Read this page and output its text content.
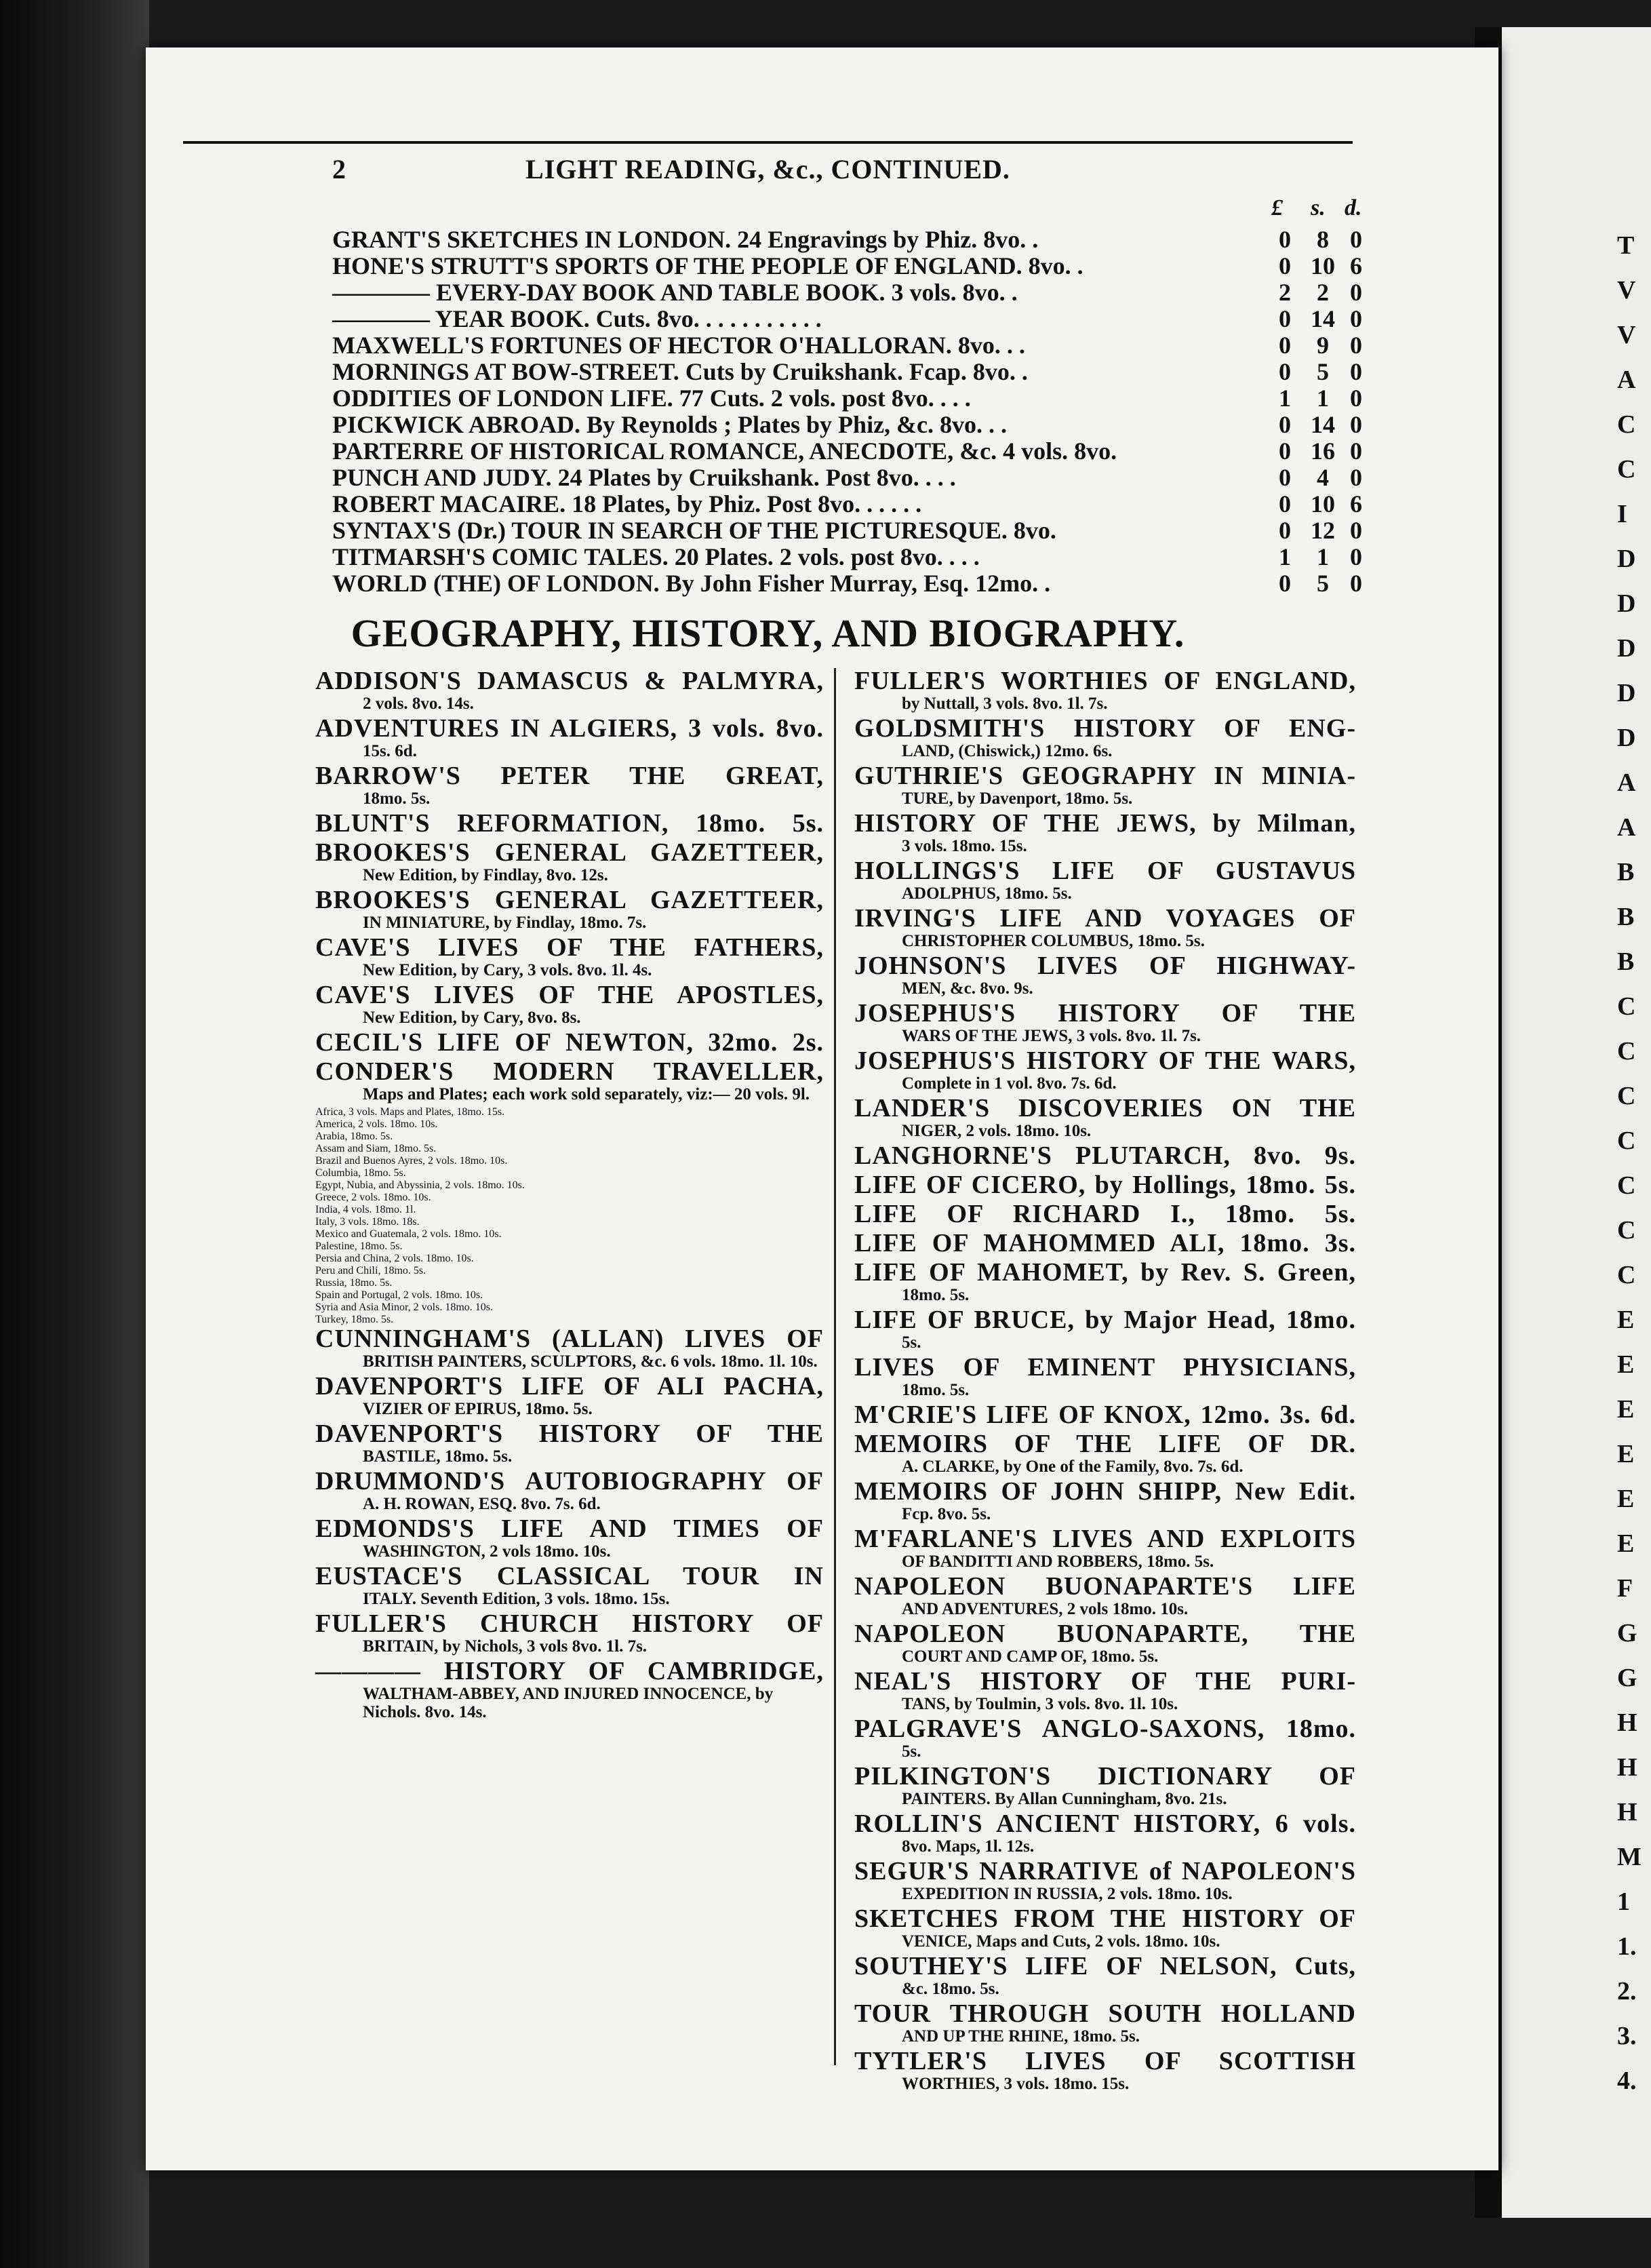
T
V
V
A
C
C
I
D
D
D
D
D
A
A
B
B
B
C
C
C
C
C
C
C
E
E
E
E
E
E
F
G
G
H
H
H
M
1
1.
2.
3.
4.
2	LIGHT READING, &c., CONTINUED.
£ s. d.
GRANT'S SKETCHES IN LONDON. 24 Engravings by Phiz. 8vo. .	0	8 0
HONE'S STRUTT'S SPORTS OF THE PEOPLE OF ENGLAND. 8vo. .	0 10 6
———— EVERY-DAY BOOK AND TABLE BOOK. 3 vols. 8vo. .	2	2 0
———— YEAR BOOK. Cuts. 8vo. . . . . . . . . . .	0 14 0
MAXWELL'S FORTUNES OF HECTOR O'HALLORAN. 8vo. . .	0	9 0
MORNINGS AT BOW-STREET. Cuts by Cruikshank. Fcap. 8vo. .	0	5 0
ODDITIES OF LONDON LIFE. 77 Cuts. 2 vols. post 8vo. . . .	1	1 0
PICKWICK ABROAD. By Reynolds ; Plates by Phiz, &c. 8vo. . .	0 14 0
PARTERRE OF HISTORICAL ROMANCE, ANECDOTE, &c. 4 vols. 8vo.	0 16 0
PUNCH AND JUDY. 24 Plates by Cruikshank. Post 8vo. . . .	0	4 0
ROBERT MACAIRE. 18 Plates, by Phiz. Post 8vo. . . . . .	0 10 6
SYNTAX'S (Dr.) TOUR IN SEARCH OF THE PICTURESQUE. 8vo.	0 12 0
TITMARSH'S COMIC TALES. 20 Plates. 2 vols. post 8vo. . . .	1	1 0
WORLD (THE) OF LONDON. By John Fisher Murray, Esq. 12mo. .	0	5 0
GEOGRAPHY, HISTORY, AND BIOGRAPHY.
ADDISON'S DAMASCUS & PALMYRA,
2 vols. 8vo. 14s.
ADVENTURES IN ALGIERS, 3 vols. 8vo.
15s. 6d.
BARROW'S PETER THE GREAT,
18mo. 5s.
BLUNT'S REFORMATION, 18mo. 5s.
BROOKES'S GENERAL GAZETTEER,
New Edition, by Findlay, 8vo. 12s.
BROOKES'S GENERAL GAZETTEER,
IN MINIATURE, by Findlay, 18mo. 7s.
CAVE'S LIVES OF THE FATHERS,
New Edition, by Cary, 3 vols. 8vo. 1l. 4s.
CAVE'S LIVES OF THE APOSTLES,
New Edition, by Cary, 8vo. 8s.
CECIL'S LIFE OF NEWTON, 32mo. 2s.
CONDER'S MODERN TRAVELLER,
Maps and Plates; each work sold separately, viz:— 20 vols. 9l.
Africa, 3 vols. Maps and Plates, 18mo. 15s.
America, 2 vols. 18mo. 10s.
Arabia, 18mo. 5s.
Assam and Siam, 18mo. 5s.
Brazil and Buenos Ayres, 2 vols. 18mo. 10s.
Columbia, 18mo. 5s.
Egypt, Nubia, and Abyssinia, 2 vols. 18mo. 10s.
Greece, 2 vols. 18mo. 10s.
India, 4 vols. 18mo. 1l.
Italy, 3 vols. 18mo. 18s.
Mexico and Guatemala, 2 vols. 18mo. 10s.
Palestine, 18mo. 5s.
Persia and China, 2 vols. 18mo. 10s.
Peru and Chili, 18mo. 5s.
Russia, 18mo. 5s.
Spain and Portugal, 2 vols. 18mo. 10s.
Syria and Asia Minor, 2 vols. 18mo. 10s.
Turkey, 18mo. 5s.
CUNNINGHAM'S (ALLAN) LIVES OF
BRITISH PAINTERS, SCULPTORS, &c. 6 vols. 18mo. 1l. 10s.
DAVENPORT'S LIFE OF ALI PACHA,
VIZIER OF EPIRUS, 18mo. 5s.
DAVENPORT'S HISTORY OF THE
BASTILE, 18mo. 5s.
DRUMMOND'S AUTOBIOGRAPHY OF
A. H. ROWAN, ESQ. 8vo. 7s. 6d.
EDMONDS'S LIFE AND TIMES OF
WASHINGTON, 2 vols 18mo. 10s.
EUSTACE'S CLASSICAL TOUR IN
ITALY. Seventh Edition, 3 vols. 18mo. 15s.
FULLER'S CHURCH HISTORY OF
BRITAIN, by Nichols, 3 vols 8vo. 1l. 7s.
———— HISTORY OF CAMBRIDGE,
WALTHAM-ABBEY, AND INJURED INNOCENCE, by Nichols. 8vo. 14s.
FULLER'S WORTHIES OF ENGLAND,
by Nuttall, 3 vols. 8vo. 1l. 7s.
GOLDSMITH'S HISTORY OF ENG-
LAND, (Chiswick,) 12mo. 6s.
GUTHRIE'S GEOGRAPHY IN MINIA-
TURE, by Davenport, 18mo. 5s.
HISTORY OF THE JEWS, by Milman,
3 vols. 18mo. 15s.
HOLLINGS'S LIFE OF GUSTAVUS
ADOLPHUS, 18mo. 5s.
IRVING'S LIFE AND VOYAGES OF
CHRISTOPHER COLUMBUS, 18mo. 5s.
JOHNSON'S LIVES OF HIGHWAY-
MEN, &c. 8vo. 9s.
JOSEPHUS'S HISTORY OF THE
WARS OF THE JEWS, 3 vols. 8vo. 1l. 7s.
JOSEPHUS'S HISTORY OF THE WARS,
Complete in 1 vol. 8vo. 7s. 6d.
LANDER'S DISCOVERIES ON THE
NIGER, 2 vols. 18mo. 10s.
LANGHORNE'S PLUTARCH, 8vo. 9s.
LIFE OF CICERO, by Hollings, 18mo. 5s.
LIFE OF RICHARD I., 18mo. 5s.
LIFE OF MAHOMMED ALI, 18mo. 3s.
LIFE OF MAHOMET, by Rev. S. Green,
18mo. 5s.
LIFE OF BRUCE, by Major Head, 18mo.
5s.
LIVES OF EMINENT PHYSICIANS,
18mo. 5s.
M'CRIE'S LIFE OF KNOX, 12mo. 3s. 6d.
MEMOIRS OF THE LIFE OF DR.
A. CLARKE, by One of the Family, 8vo. 7s. 6d.
MEMOIRS OF JOHN SHIPP, New Edit.
Fcp. 8vo. 5s.
M'FARLANE'S LIVES AND EXPLOITS
OF BANDITTI AND ROBBERS, 18mo. 5s.
NAPOLEON BUONAPARTE'S LIFE
AND ADVENTURES, 2 vols 18mo. 10s.
NAPOLEON BUONAPARTE, THE
COURT AND CAMP OF, 18mo. 5s.
NEAL'S HISTORY OF THE PURI-
TANS, by Toulmin, 3 vols. 8vo. 1l. 10s.
PALGRAVE'S ANGLO-SAXONS, 18mo.
5s.
PILKINGTON'S DICTIONARY OF
PAINTERS. By Allan Cunningham, 8vo. 21s.
ROLLIN'S ANCIENT HISTORY, 6 vols.
8vo. Maps, 1l. 12s.
SEGUR'S NARRATIVE of NAPOLEON'S
EXPEDITION IN RUSSIA, 2 vols. 18mo. 10s.
SKETCHES FROM THE HISTORY OF
VENICE, Maps and Cuts, 2 vols. 18mo. 10s.
SOUTHEY'S LIFE OF NELSON, Cuts,
&c. 18mo. 5s.
TOUR THROUGH SOUTH HOLLAND
AND UP THE RHINE, 18mo. 5s.
TYTLER'S LIVES OF SCOTTISH
WORTHIES, 3 vols. 18mo. 15s.
